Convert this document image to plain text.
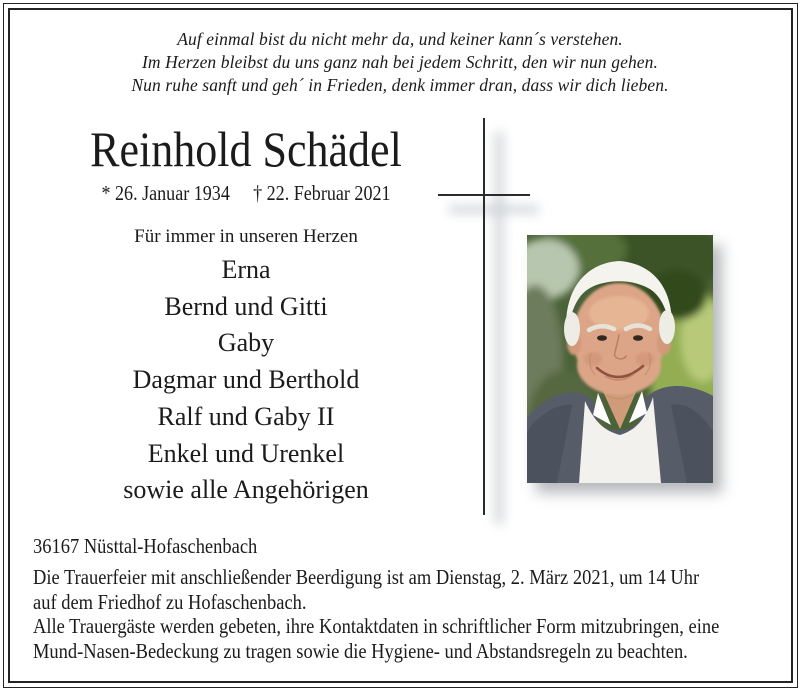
Auf einmal bist du nicht mehr da, und keiner kann´s verstehen.
Im Herzen bleibst du uns ganz nah bei jedem Schritt, den wir nun gehen.
Nun ruhe sanft und geh´ in Frieden, denk immer dran, dass wir dich lieben.
Reinhold Schädel
* 26. Januar 1934 † 22. Februar 2021
Für immer in unseren Herzen
Erna
Bernd und Gitti
Gaby
Dagmar und Berthold
Ralf und Gaby II
Enkel und Urenkel
sowie alle Angehörigen
36167 Nüsttal-Hofaschenbach
Die Trauerfeier mit anschließender Beerdigung ist am Dienstag, 2. März 2021, um 14 Uhr
auf dem Friedhof zu Hofaschenbach.
Alle Trauergäste werden gebeten, ihre Kontaktdaten in schriftlicher Form mitzubringen, eine
Mund-Nasen-Bedeckung zu tragen sowie die Hygiene- und Abstandsregeln zu beachten.
